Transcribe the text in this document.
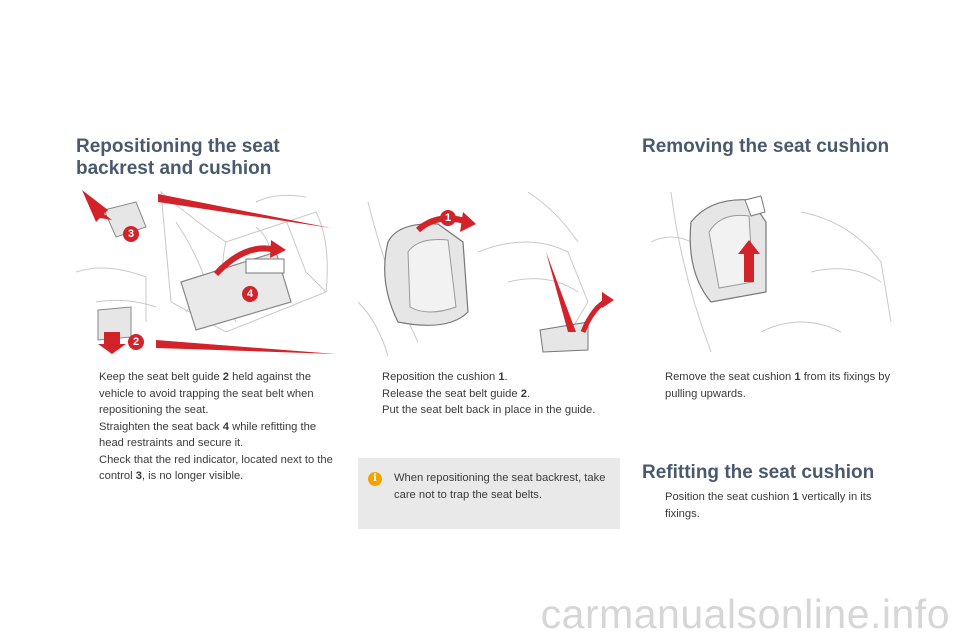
Repositioning the seat
backrest and cushion
Removing the seat cushion
Refitting the seat cushion
3
4
2
1
Keep the seat belt guide 2 held against the vehicle to avoid trapping the seat belt when repositioning the seat.
Straighten the seat back 4 while refitting the head restraints and secure it.
Check that the red indicator, located next to the control 3, is no longer visible.
Reposition the cushion 1.
Release the seat belt guide 2.
Put the seat belt back in place in the guide.
i	When repositioning the seat backrest, take care not to trap the seat belts.
Remove the seat cushion 1 from its fixings by pulling upwards.
Position the seat cushion 1 vertically in its fixings.
carmanualsonline.info
